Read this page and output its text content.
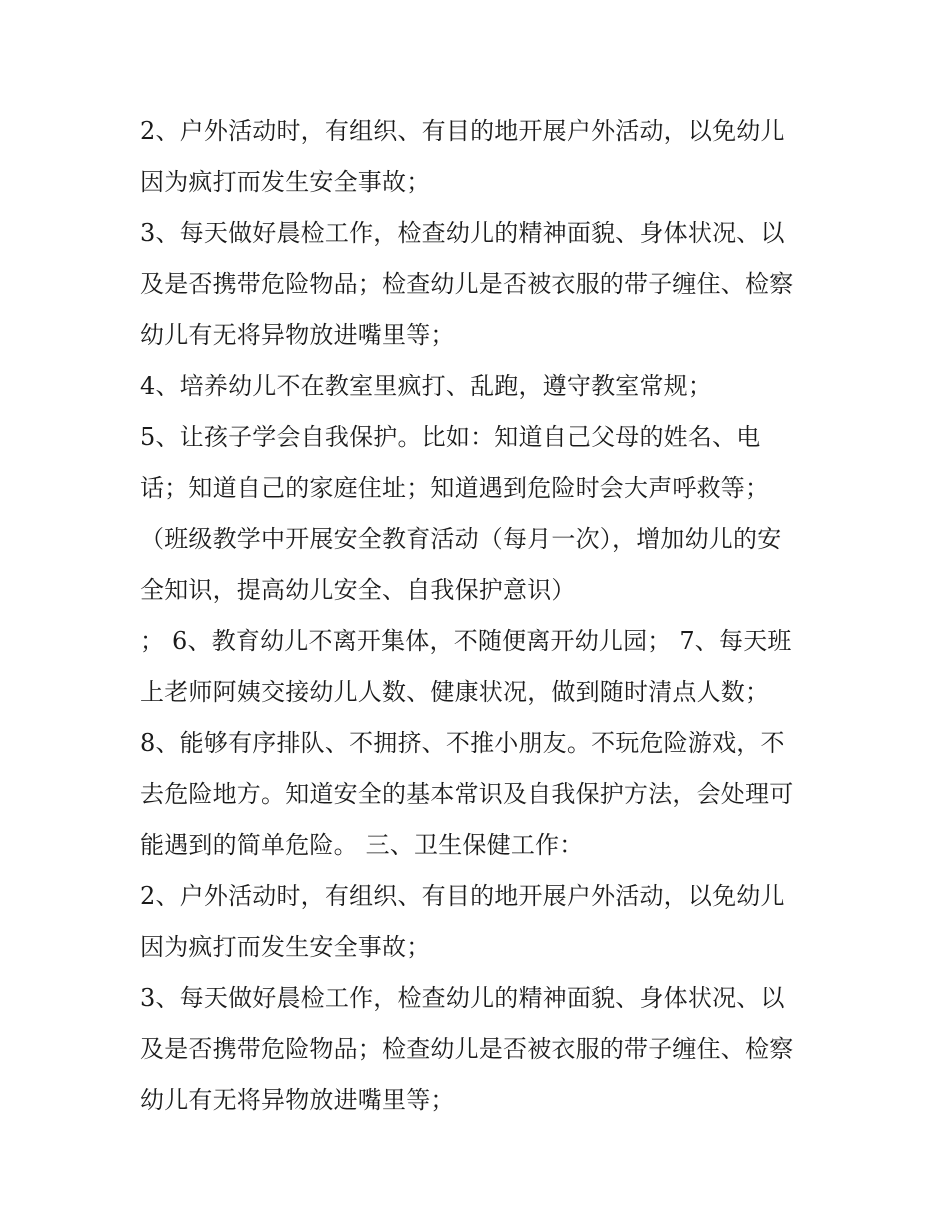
2、户外活动时，有组织、有目的地开展户外活动，以免幼儿
因为疯打而发生安全事故；
3、每天做好晨检工作，检查幼儿的精神面貌、身体状况、以
及是否携带危险物品；检查幼儿是否被衣服的带子缠住、检察
幼儿有无将异物放进嘴里等；
4、培养幼儿不在教室里疯打、乱跑，遵守教室常规；
5、让孩子学会自我保护。比如：知道自己父母的姓名、电
话；知道自己的家庭住址；知道遇到危险时会大声呼救等；
（班级教学中开展安全教育活动（每月一次），增加幼儿的安
全知识，提高幼儿安全、自我保护意识）
； 6、教育幼儿不离开集体，不随便离开幼儿园； 7、每天班
上老师阿姨交接幼儿人数、健康状况，做到随时清点人数；
8、能够有序排队、不拥挤、不推小朋友。不玩危险游戏，不
去危险地方。知道安全的基本常识及自我保护方法，会处理可
能遇到的简单危险。 三、卫生保健工作：
2、户外活动时，有组织、有目的地开展户外活动，以免幼儿
因为疯打而发生安全事故；
3、每天做好晨检工作，检查幼儿的精神面貌、身体状况、以
及是否携带危险物品；检查幼儿是否被衣服的带子缠住、检察
幼儿有无将异物放进嘴里等；
